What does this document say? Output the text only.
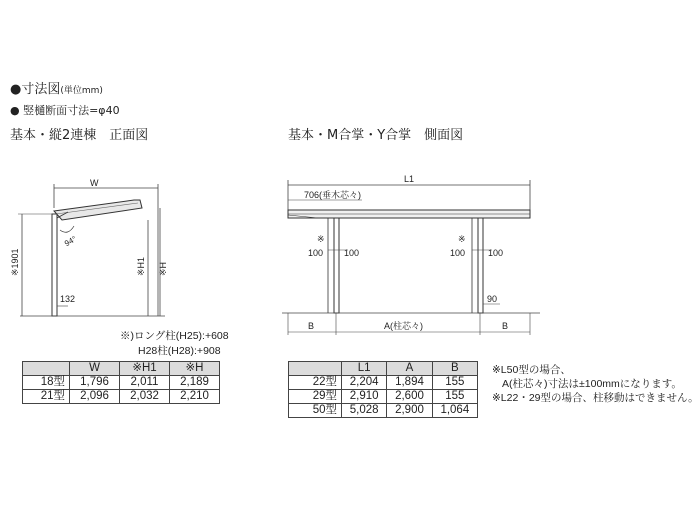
●寸法図(単位mm)
● 竪樋断面寸法=φ40
基本・縦2連棟　正面図	基本・M合掌・Y合掌　側面図
W
94°
※1901	※H1 ※H
132
L1
706(垂木芯々)
※
100 100
※
100	100
90
B	A(柱芯々)	B
※)ロング柱(H25):+608
H28柱(H28):+908
	W	※H1	※H
18型	1,796	2,011	2,189
21型	2,096	2,032	2,210
	L1	A	B
22型	2,204	1,894	155
29型	2,910	2,600	155
50型	5,028	2,900	1,064
※L50型の場合、
A(柱芯々)寸法は±100mmになります。
※L22・29型の場合、柱移動はできません。
